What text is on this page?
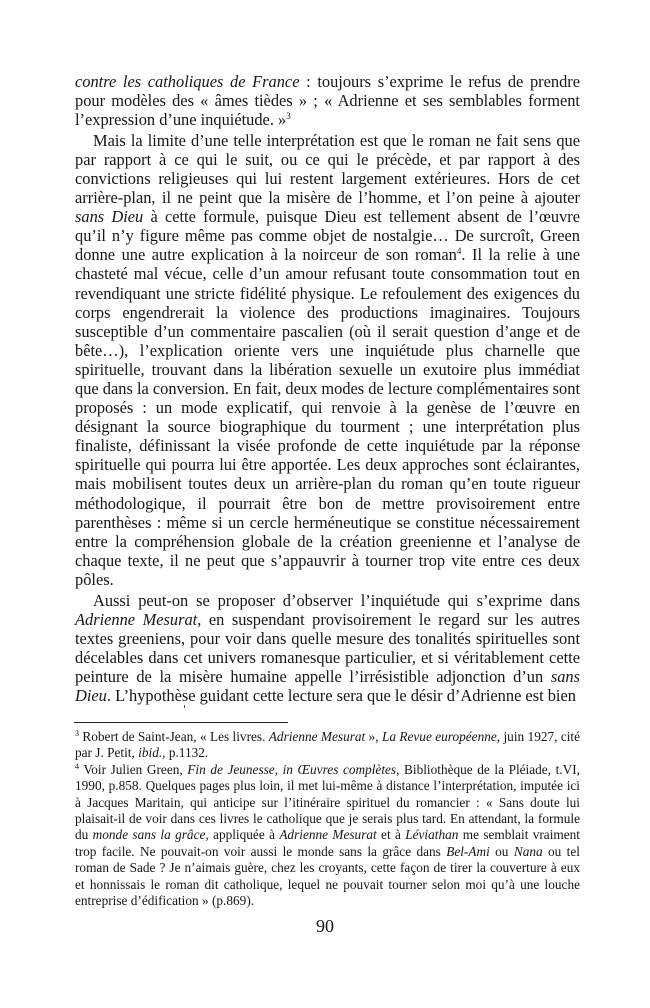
contre les catholiques de France : toujours s’exprime le refus de prendre pour modèles des « âmes tièdes » ; « Adrienne et ses semblables forment l’expression d’une inquiétude. »$^3$

Mais la limite d’une telle interprétation est que le roman ne fait sens que par rapport à ce qui le suit, ou ce qui le précède, et par rapport à des convictions religieuses qui lui restent largement extérieures. Hors de cet arrière-plan, il ne peint que la misère de l’homme, et l’on peine à ajouter sans Dieu à cette formule, puisque Dieu est tellement absent de l’œuvre qu’il n’y figure même pas comme objet de nostalgie… De surcroît, Green donne une autre explication à la noirceur de son roman$^4$. Il la relie à une chasteté mal vécue, celle d’un amour refusant toute consommation tout en revendiquant une stricte fidélité physique. Le refoulement des exigences du corps engendrerait la violence des productions imaginaires. Toujours susceptible d’un commentaire pascalien (où il serait question d’ange et de bête…), l’explication oriente vers une inquiétude plus charnelle que spirituelle, trouvant dans la libération sexuelle un exutoire plus immédiat que dans la conversion. En fait, deux modes de lecture complémentaires sont proposés : un mode explicatif, qui renvoie à la genèse de l’œuvre en désignant la source biographique du tourment ; une interprétation plus finaliste, définissant la visée profonde de cette inquiétude par la réponse spirituelle qui pourra lui être apportée. Les deux approches sont éclairantes, mais mobilisent toutes deux un arrière-plan du roman qu’en toute rigueur méthodologique, il pourrait être bon de mettre provisoirement entre parenthèses : même si un cercle herméneutique se constitue nécessairement entre la compréhension globale de la création greenienne et l’analyse de chaque texte, il ne peut que s’appauvrir à tourner trop vite entre ces deux pôles.

Aussi peut-on se proposer d’observer l’inquiétude qui s’exprime dans Adrienne Mesurat, en suspendant provisoirement le regard sur les autres textes greeniens, pour voir dans quelle mesure des tonalités spirituelles sont décelables dans cet univers romanesque particulier, et si véritablement cette peinture de la misère humaine appelle l’irrésistible adjonction d’un sans Dieu. L’hypothèse guidant cette lecture sera que le désir d’Adrienne est bien

$^3$ Robert de Saint-Jean, « Les livres. Adrienne Mesurat », La Revue européenne, juin 1927, cité par J. Petit, ibid., p.1132.

$^4$ Voir Julien Green, Fin de Jeunesse, in Œuvres complètes, Bibliothèque de la Pléiade, t.VI, 1990, p.858. Quelques pages plus loin, il met lui-même à distance l’interprétation, imputée ici à Jacques Maritain, qui anticipe sur l’itinéraire spirituel du romancier : « Sans doute lui plaisait-il de voir dans ces livres le catholique que je serais plus tard. En attendant, la formule du monde sans la grâce, appliquée à Adrienne Mesurat et à Léviathan me semblait vraiment trop facile. Ne pouvait-on voir aussi le monde sans la grâce dans Bel-Ami ou Nana ou tel roman de Sade ? Je n’aimais guère, chez les croyants, cette façon de tirer la couverture à eux et honnissais le roman dit catholique, lequel ne pouvait tourner selon moi qu’à une louche entreprise d’édification » (p.869).

90
